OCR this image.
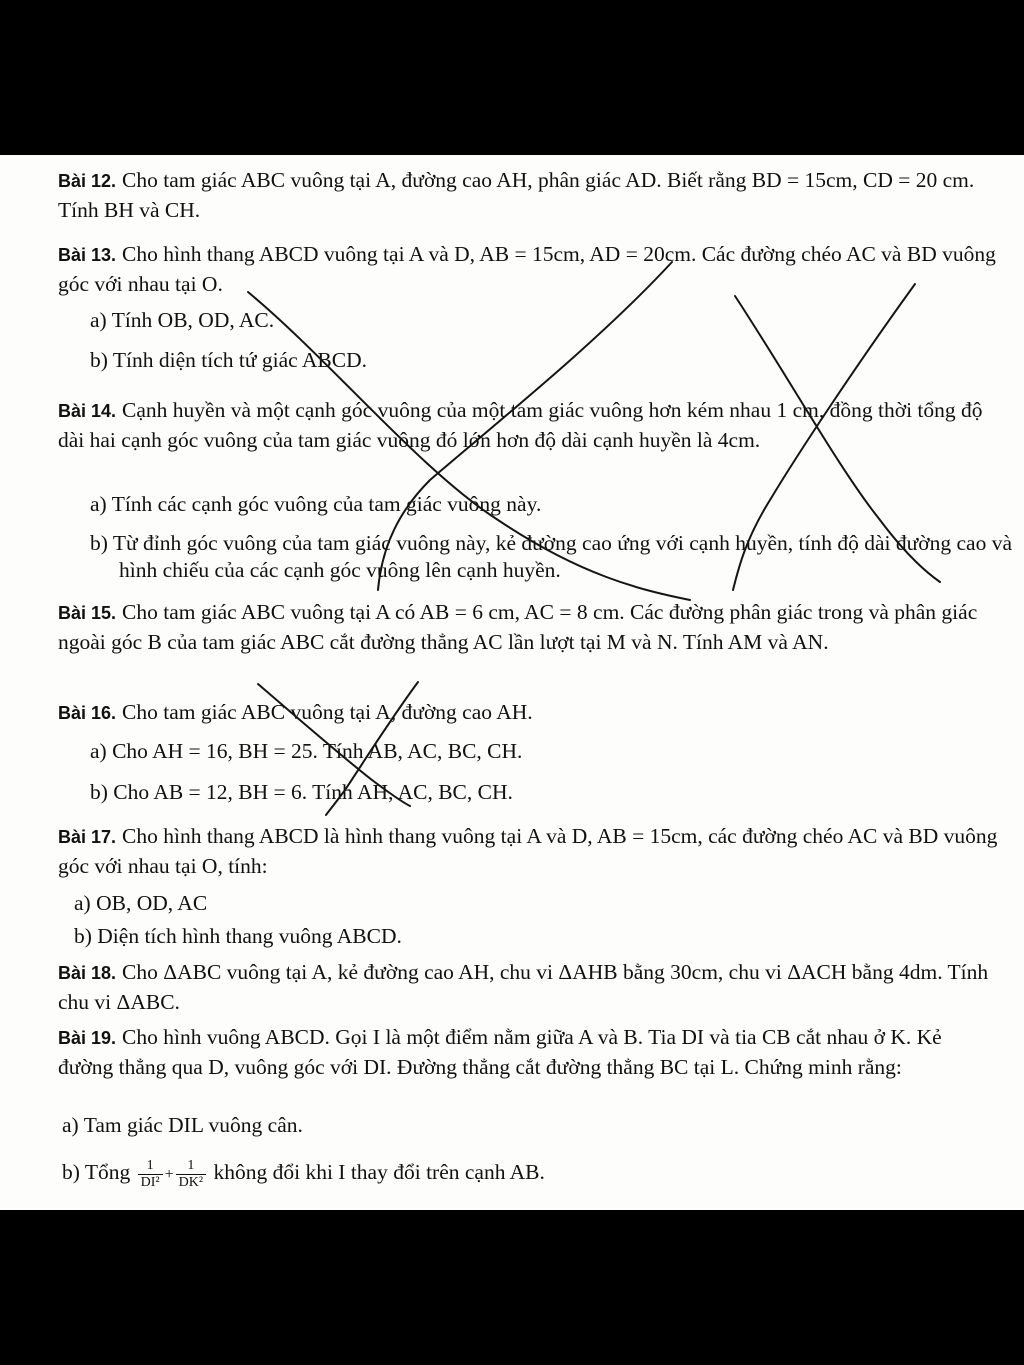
Bài 12. Cho tam giác ABC vuông tại A, đường cao AH, phân giác AD. Biết rằng BD = 15cm, CD = 20 cm. Tính BH và CH.
Bài 13. Cho hình thang ABCD vuông tại A và D, AB = 15cm, AD = 20cm. Các đường chéo AC và BD vuông góc với nhau tại O.
a) Tính OB, OD, AC.
b) Tính diện tích tứ giác ABCD.
Bài 14. Cạnh huyền và một cạnh góc vuông của một tam giác vuông hơn kém nhau 1 cm, đồng thời tổng độ dài hai cạnh góc vuông của tam giác vuông đó lớn hơn độ dài cạnh huyền là 4cm.
a) Tính các cạnh góc vuông của tam giác vuông này.
b) Từ đỉnh góc vuông của tam giác vuông này, kẻ đường cao ứng với cạnh huyền, tính độ dài đường cao và hình chiếu của các cạnh góc vuông lên cạnh huyền.
Bài 15. Cho tam giác ABC vuông tại A có AB = 6 cm, AC = 8 cm. Các đường phân giác trong và phân giác ngoài góc B của tam giác ABC cắt đường thẳng AC lần lượt tại M và N. Tính AM và AN.
Bài 16. Cho tam giác ABC vuông tại A, đường cao AH.
a) Cho AH = 16, BH = 25. Tính AB, AC, BC, CH.
b) Cho AB = 12, BH = 6. Tính AH, AC, BC, CH.
Bài 17. Cho hình thang ABCD là hình thang vuông tại A và D, AB = 15cm, các đường chéo AC và BD vuông góc với nhau tại O, tính:
a) OB, OD, AC
b) Diện tích hình thang vuông ABCD.
Bài 18. Cho ΔABC vuông tại A, kẻ đường cao AH, chu vi ΔAHB bằng 30cm, chu vi ΔACH bằng 4dm. Tính chu vi ΔABC.
Bài 19. Cho hình vuông ABCD. Gọi I là một điểm nằm giữa A và B. Tia DI và tia CB cắt nhau ở K. Kẻ đường thẳng qua D, vuông góc với DI. Đường thẳng cắt đường thẳng BC tại L. Chứng minh rằng:
a) Tam giác DIL vuông cân.
b) Tổng $\frac{1}{\text{DI²}} + \frac{1}{\text{DK²}}$ không đổi khi I thay đổi trên cạnh AB.
